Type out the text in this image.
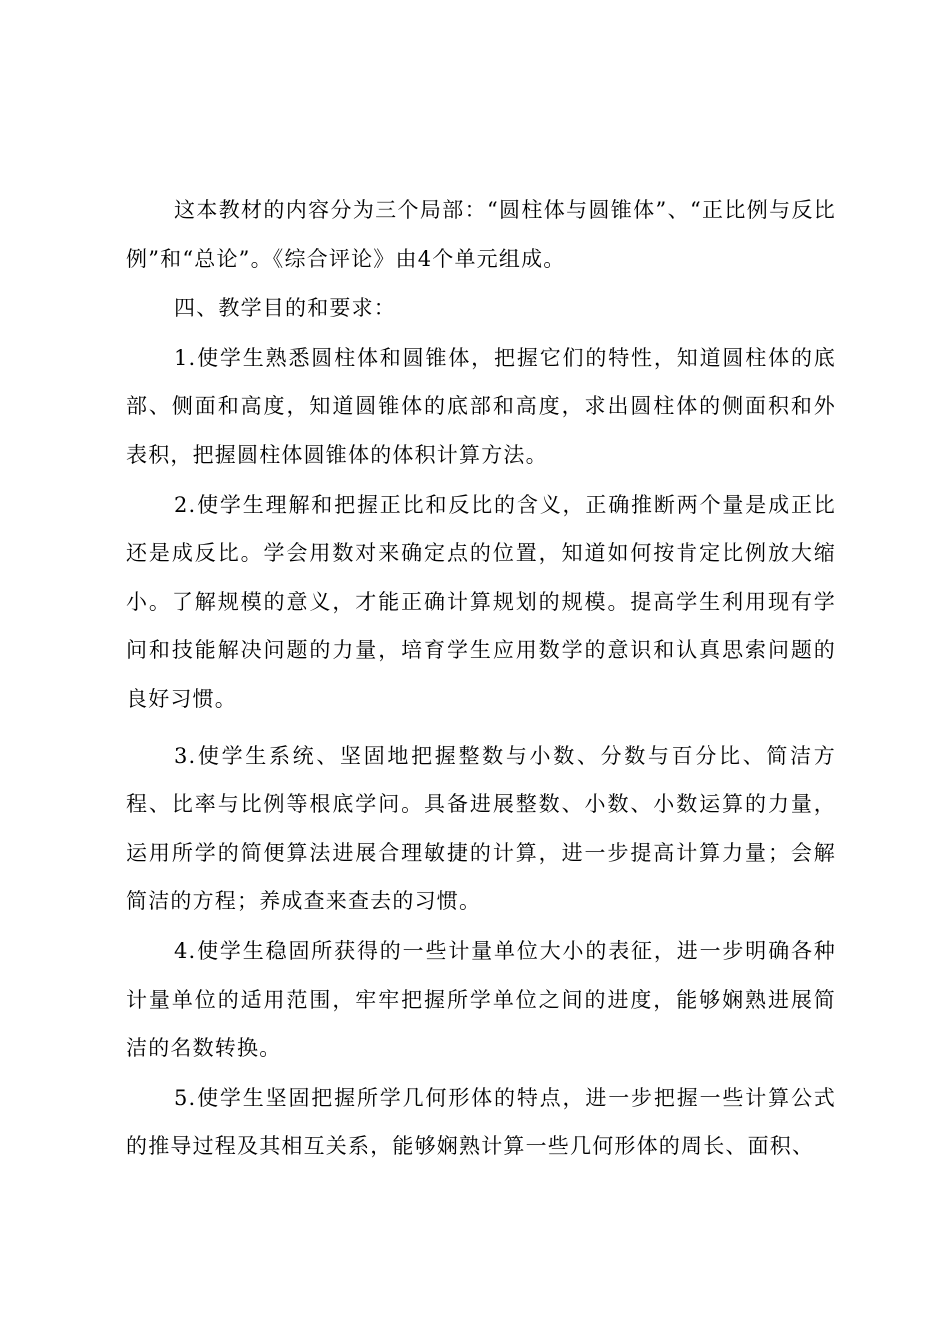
这本教材的内容分为三个局部：“圆柱体与圆锥体”、“正比例与反比例”和“总论”。《综合评论》由4个单元组成。

四、教学目的和要求：

1.使学生熟悉圆柱体和圆锥体，把握它们的特性，知道圆柱体的底部、侧面和高度，知道圆锥体的底部和高度，求出圆柱体的侧面积和外表积，把握圆柱体圆锥体的体积计算方法。

2.使学生理解和把握正比和反比的含义，正确推断两个量是成正比还是成反比。学会用数对来确定点的位置，知道如何按肯定比例放大缩小。了解规模的意义，才能正确计算规划的规模。提高学生利用现有学问和技能解决问题的力量，培育学生应用数学的意识和认真思索问题的良好习惯。

3.使学生系统、坚固地把握整数与小数、分数与百分比、简洁方程、比率与比例等根底学问。具备进展整数、小数、小数运算的力量，运用所学的简便算法进展合理敏捷的计算，进一步提高计算力量；会解简洁的方程；养成查来查去的习惯。

4.使学生稳固所获得的一些计量单位大小的表征，进一步明确各种计量单位的适用范围，牢牢把握所学单位之间的进度，能够娴熟进展简洁的名数转换。

5.使学生坚固把握所学几何形体的特点，进一步把握一些计算公式的推导过程及其相互关系，能够娴熟计算一些几何形体的周长、面积、
